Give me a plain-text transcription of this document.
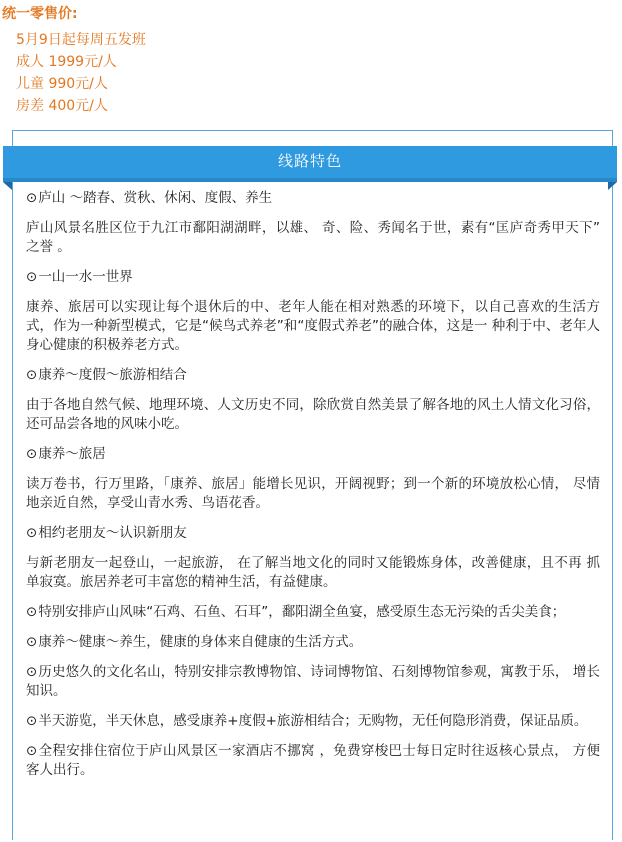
统一零售价:
5月9日起每周五发班
成人 1999元/人
儿童 990元/人
房差 400元/人
线路特色
⊙庐山 ～踏春、赏秋、休闲、度假、养生
庐山风景名胜区位于九江市鄱阳湖湖畔，以雄、 奇、险、秀闻名于世，素有“匡庐奇秀甲天下” 之誉 。
⊙一山一水一世界
康养、旅居可以实现让每个退休后的中、老年人能在相对熟悉的环境下，以自己喜欢的生活方式，作为一种新型模式，它是“候鸟式养老”和“度假式养老”的融合体，这是一 种利于中、老年人身心健康的积极养老方式。
⊙康养～度假～旅游相结合
由于各地自然气候、地理环境、人文历史不同，除欣赏自然美景了解各地的风土人情文化习俗，还可品尝各地的风味小吃。
⊙康养～旅居
读万卷书，行万里路，「康养、旅居」能增长见识，开阔视野；到一个新的环境放松心情， 尽情地亲近自然，享受山青水秀、鸟语花香。
⊙相约老朋友～认识新朋友
与新老朋友一起登山，一起旅游， 在了解当地文化的同时又能锻炼身体，改善健康，且不再 抓单寂寞。旅居养老可丰富您的精神生活，有益健康。
⊙特别安排庐山风味“石鸡、石鱼、石耳”，鄱阳湖全鱼宴，感受原生态无污染的舌尖美食；
⊙康养～健康～养生，健康的身体来自健康的生活方式。
⊙历史悠久的文化名山，特别安排宗教博物馆、诗词博物馆、石刻博物馆参观，寓教于乐， 增长知识。
⊙半天游览，半天休息，感受康养+度假+旅游相结合；无购物，无任何隐形消费，保证品质。
⊙全程安排住宿位于庐山风景区一家酒店不挪窝 ，免费穿梭巴士每日定时往返核心景点， 方便客人出行。
